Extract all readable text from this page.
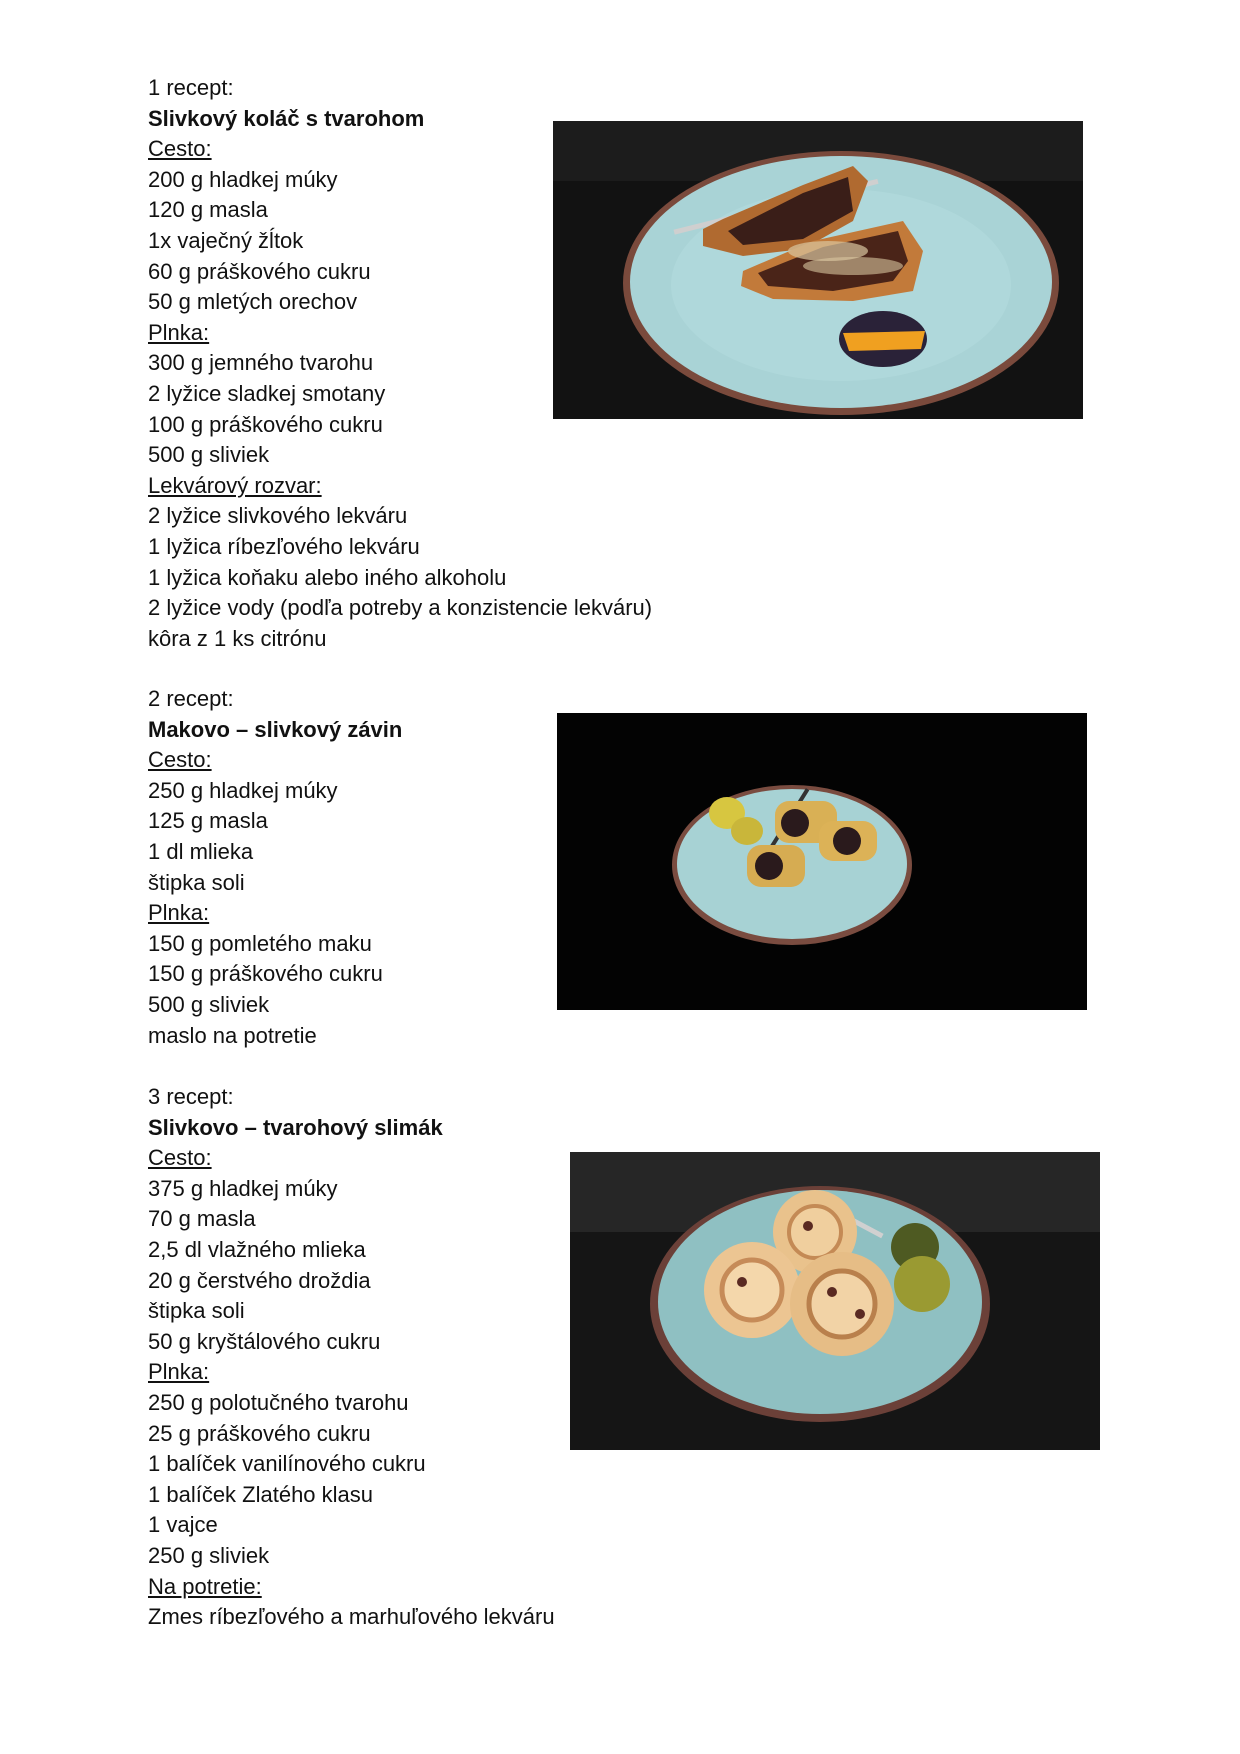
1 recept:
Slivkový koláč s tvarohom
Cesto:
200 g hladkej múky
120 g masla
1x vaječný žĺtok
60 g práškového cukru
50 g mletých orechov
Plnka:
300 g jemného tvarohu
2 lyžice sladkej smotany
100 g práškového cukru
500 g sliviek
Lekvárový rozvar:
2 lyžice slivkového lekváru
1 lyžica ríbezľového lekváru
1 lyžica koňaku alebo iného alkoholu
2 lyžice vody (podľa potreby a konzistencie lekváru)
kôra z 1 ks citrónu
2 recept:
Makovo – slivkový závin
Cesto:
250 g hladkej múky
125 g masla
1 dl mlieka
štipka soli
Plnka:
150 g pomletého maku
150 g práškového cukru
500 g sliviek
maslo na potretie
3 recept:
Slivkovo – tvarohový slimák
Cesto:
375 g hladkej múky
70 g masla
2,5 dl vlažného mlieka
20 g čerstvého droždia
štipka soli
50 g kryštálového cukru
Plnka:
250 g polotučného tvarohu
25 g práškového cukru
1 balíček vanilínového cukru
1 balíček Zlatého klasu
1 vajce
250 g sliviek
Na potretie:
Zmes ríbezľového a marhuľového lekváru
